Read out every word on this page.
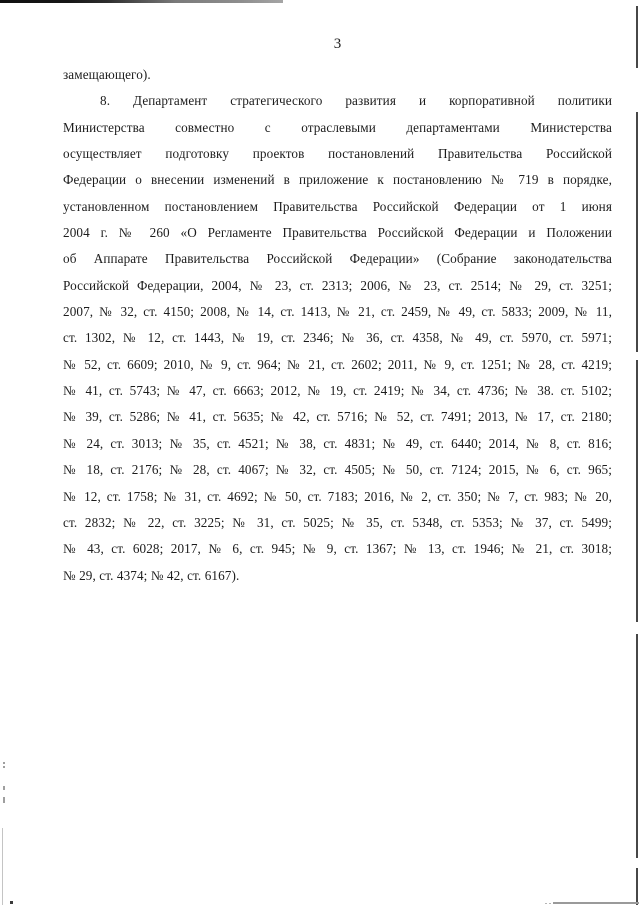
3
замещающего).
8. Департамент стратегического развития и корпоративной политики
Министерства совместно с отраслевыми департаментами Министерства
осуществляет подготовку проектов постановлений Правительства Российской
Федерации о внесении изменений в приложение к постановлению № 719 в порядке,
установленном постановлением Правительства Российской Федерации от 1 июня
2004 г. № 260 «О Регламенте Правительства Российской Федерации и Положении
об Аппарате Правительства Российской Федерации» (Собрание законодательства
Российской Федерации, 2004, № 23, ст. 2313; 2006, № 23, ст. 2514; № 29, ст. 3251;
2007, № 32, ст. 4150; 2008, № 14, ст. 1413, № 21, ст. 2459, № 49, ст. 5833; 2009, № 11,
ст. 1302, № 12, ст. 1443, № 19, ст. 2346; № 36, ст. 4358, № 49, ст. 5970, ст. 5971;
№ 52, ст. 6609; 2010, № 9, ст. 964; № 21, ст. 2602; 2011, № 9, ст. 1251; № 28, ст. 4219;
№ 41, ст. 5743; № 47, ст. 6663; 2012, № 19, ст. 2419; № 34, ст. 4736; № 38. ст. 5102;
№ 39, ст. 5286; № 41, ст. 5635; № 42, ст. 5716; № 52, ст. 7491; 2013, № 17, ст. 2180;
№ 24, ст. 3013; № 35, ст. 4521; № 38, ст. 4831; № 49, ст. 6440; 2014, № 8, ст. 816;
№ 18, ст. 2176; № 28, ст. 4067; № 32, ст. 4505; № 50, ст. 7124; 2015, № 6, ст. 965;
№ 12, ст. 1758; № 31, ст. 4692; № 50, ст. 7183; 2016, № 2, ст. 350; № 7, ст. 983; № 20,
ст. 2832; № 22, ст. 3225; № 31, ст. 5025; № 35, ст. 5348, ст. 5353; № 37, ст. 5499;
№ 43, ст. 6028; 2017, № 6, ст. 945; № 9, ст. 1367; № 13, ст. 1946; № 21, ст. 3018;
№ 29, ст. 4374; № 42, ст. 6167).
